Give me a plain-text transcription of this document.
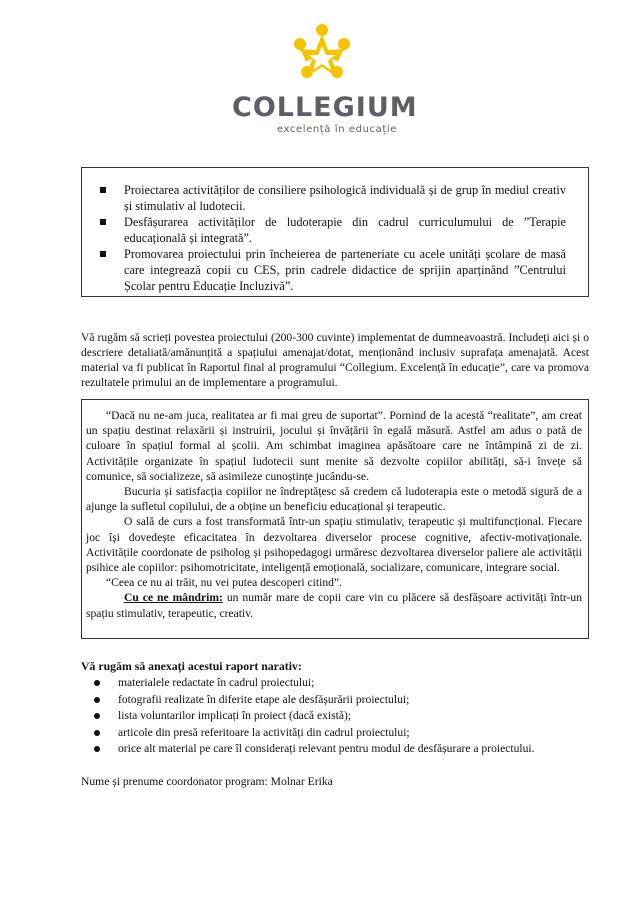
COLLEGIUM
excelență în educație
Proiectarea activităților de consiliere psihologică individuală și de grup în mediul creativ și stimulativ al ludotecii.
Desfășurarea activităților de ludoterapie din cadrul curriculumului de ”Terapie educațională și integrată”.
Promovarea proiectului prin încheierea de parteneriate cu acele unități școlare de masă care integrează copii cu CES, prin cadrele didactice de sprijin aparținând ”Centrului Școlar pentru Educație Incluzivă”.
Vă rugăm să scrieți povestea proiectului (200-300 cuvinte) implementat de dumneavoastră. Includeți aici și o descriere detaliată/amănunțită a spațiului amenajat/dotat, menționând inclusiv suprafața amenajată. Acest material va fi publicat în Raportul final al programului “Collegium. Excelență în educație”, care va promova rezultatele primului an de implementare a programului.

“Dacă nu ne-am juca, realitatea ar fi mai greu de suportat”. Pornind de la acestă “realitate”, am creat un spațiu destinat relaxării și instruirii, jocului și învățării în egală măsură. Astfel am adus o pată de culoare în spațiul formal al școlii. Am schimbat imaginea apăsătoare care ne întâmpină zi de zi. Activitățile organizate în spațiul ludotecii sunt menite să dezvolte copiilor abilități, să-i învețe să comunice, să socializeze, să asimileze cunoștințe jucându-se.

Bucuria și satisfacția copiilor ne îndreptățesc să credem că ludoterapia este o metodă sigură de a ajunge la sufletul copilului, de a obține un beneficiu educațional și terapeutic.

O sală de curs a fost transformată într-un spațiu stimulativ, terapeutic și multifuncțional. Fiecare joc își dovedește eficacitatea în dezvoltarea diverselor procese cognitive, afectiv-motivaționale. Activitățile coordonate de psiholog și psihopedagogi urmăresc dezvoltarea diverselor paliere ale activității psihice ale copiilor: psihomotricitate, inteligență emoțională, socializare, comunicare, integrare social.

“Ceea ce nu ai trăit, nu vei putea descoperi citind”.

Cu ce ne mândrim: un număr mare de copii care vin cu plăcere să desfășoare activități într-un spațiu stimulativ, terapeutic, creativ.

Vă rugăm să anexați acestui raport narativ:
materialele redactate în cadrul proiectului;
fotografii realizate în diferite etape ale desfășurării proiectului;
lista voluntarilor implicați în proiect (dacă există);
articole din presă referitoare la activități din cadrul proiectului;
orice alt material pe care îl considerați relevant pentru modul de desfășurare a proiectului.
Nume și prenume coordonator program: Molnar Erika
